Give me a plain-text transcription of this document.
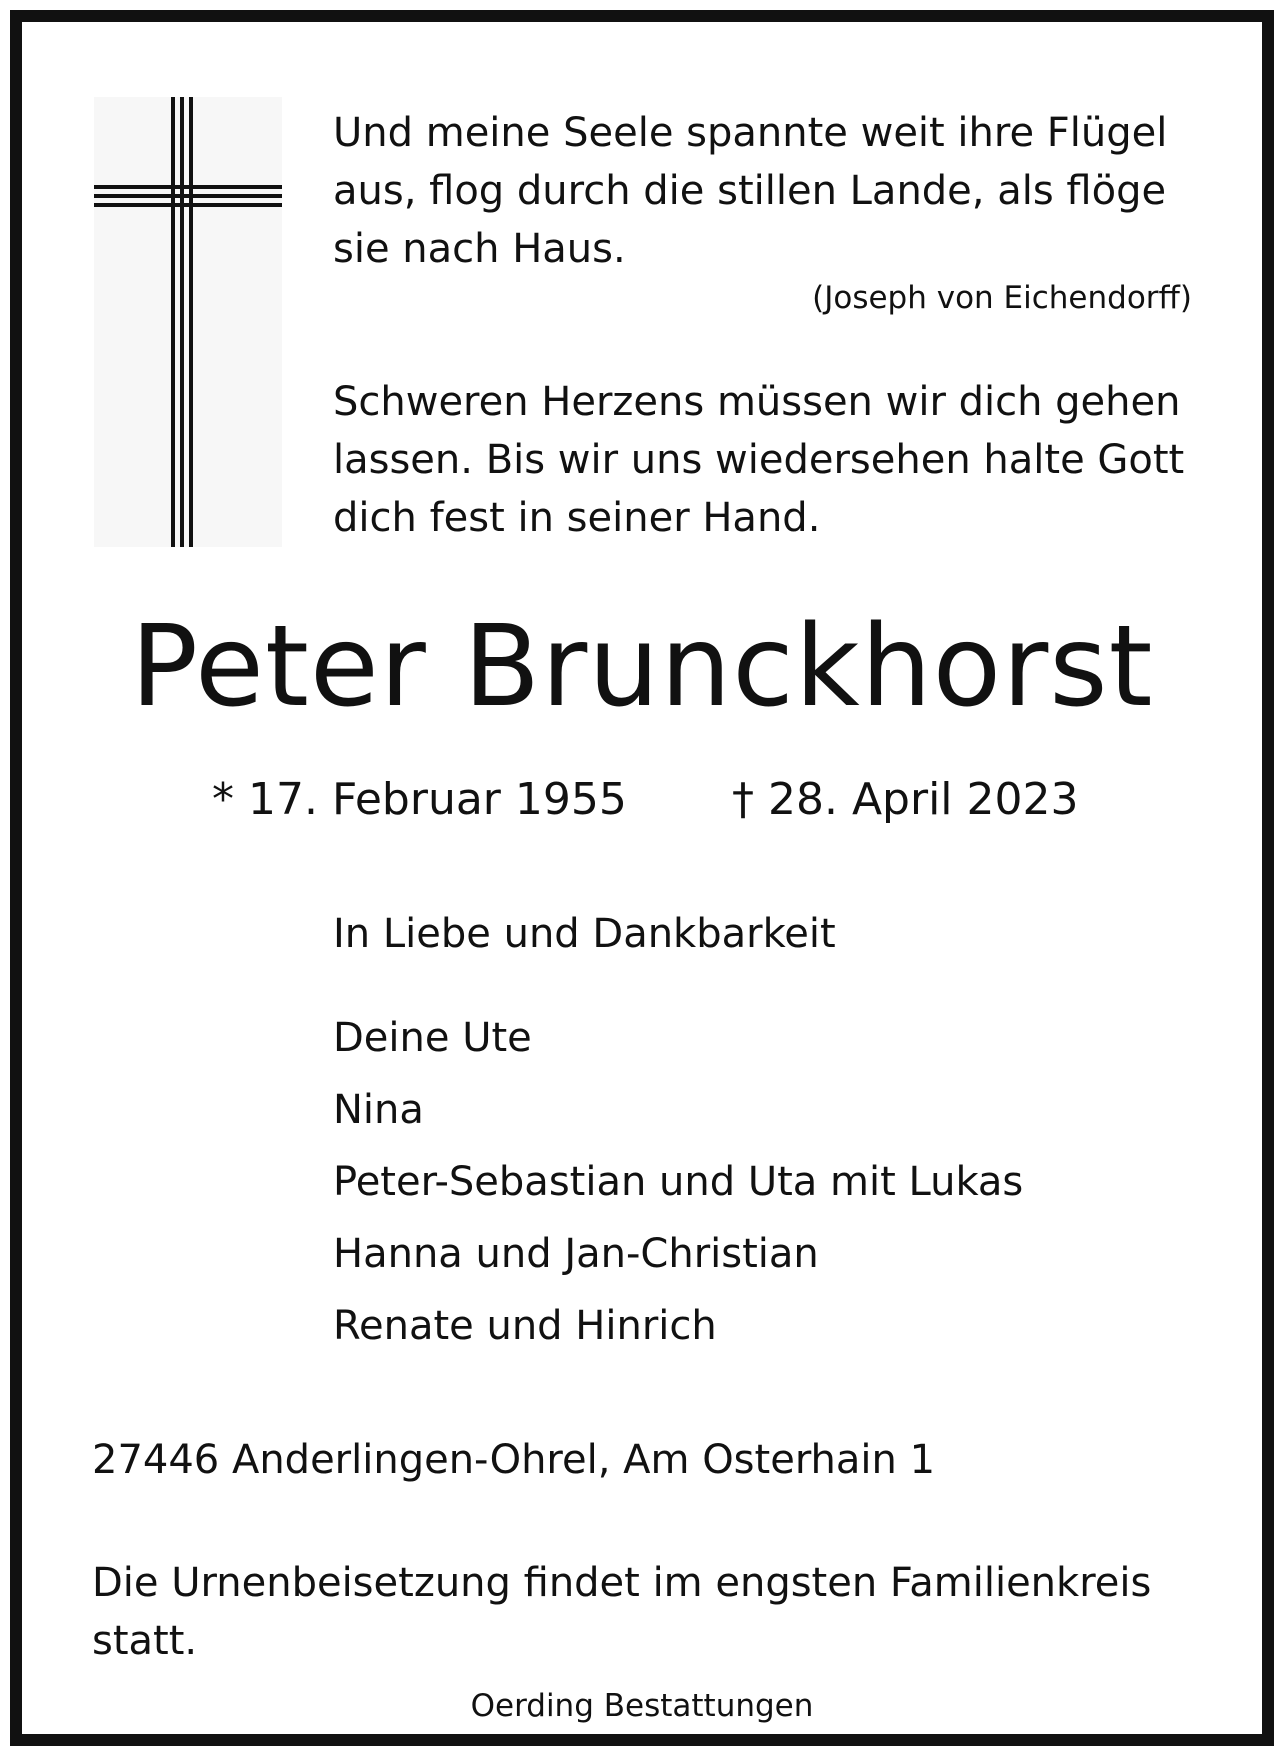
Und meine Seele spannte weit ihre Flügel
aus, flog durch die stillen Lande, als flöge
sie nach Haus.
(Joseph von Eichendorff)
Schweren Herzens müssen wir dich gehen
lassen. Bis wir uns wiedersehen halte Gott
dich fest in seiner Hand.
Peter Brunckhorst
* 17. Februar 1955 † 28. April 2023
In Liebe und Dankbarkeit
Deine Ute
Nina
Peter-Sebastian und Uta mit Lukas
Hanna und Jan-Christian
Renate und Hinrich
27446 Anderlingen-Ohrel, Am Osterhain 1
Die Urnenbeisetzung findet im engsten Familienkreis
statt.
Oerding Bestattungen
